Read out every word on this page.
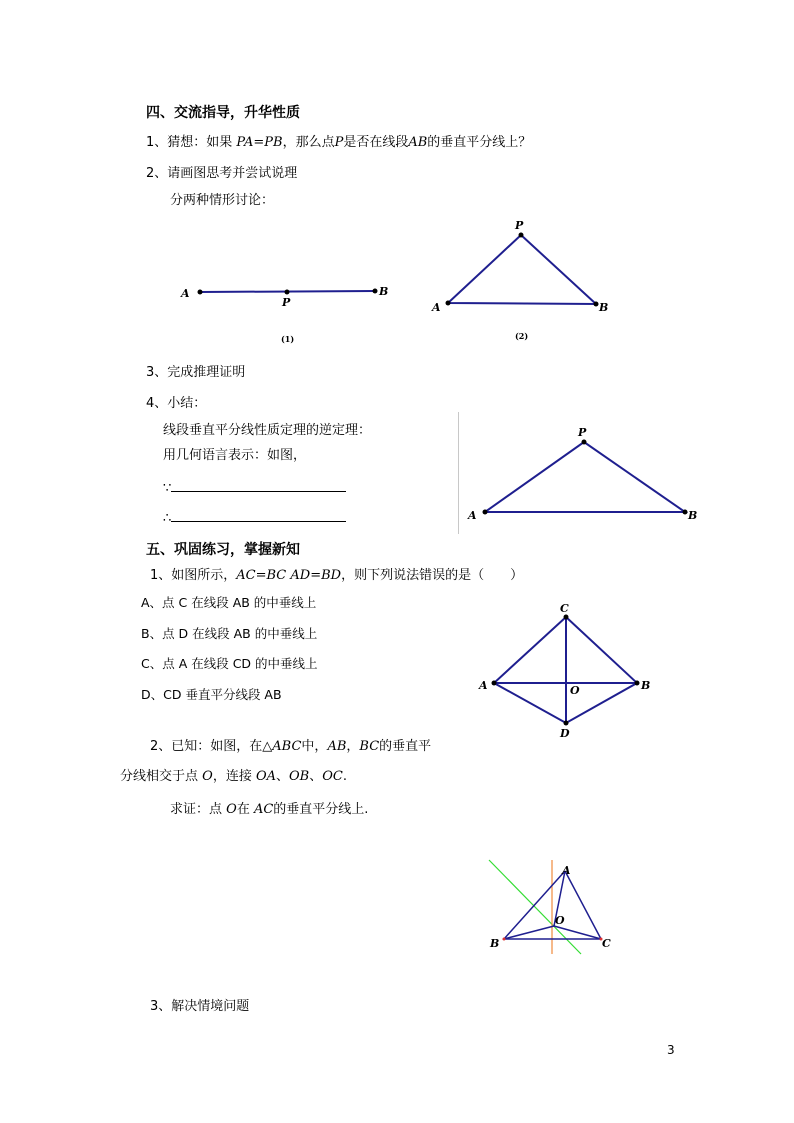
四、交流指导，升华性质
1、猜想：如果 PA=PB，那么点P是否在线段AB的垂直平分线上？
2、请画图思考并尝试说理
分两种情形讨论：
A
P
B
(1)
P
A	B
(2)
3、完成推理证明
4、小结：
线段垂直平分线性质定理的逆定理：
用几何语言表示：如图，
∵
∴
P
A	B
五、巩固练习，掌握新知
1、如图所示，AC=BC AD=BD，则下列说法错误的是（　　）
A、点 C 在线段 AB 的中垂线上
B、点 D 在线段 AB 的中垂线上
C、点 A 在线段 CD 的中垂线上
D、CD 垂直平分线段 AB
C
A	O	B
D
2、已知：如图，在△ABC中，AB，BC的垂直平
分线相交于点 O，连接 OA、OB、OC.
求证：点 O在 AC的垂直平分线上.
A
O
B	C
3、解决情境问题
3
